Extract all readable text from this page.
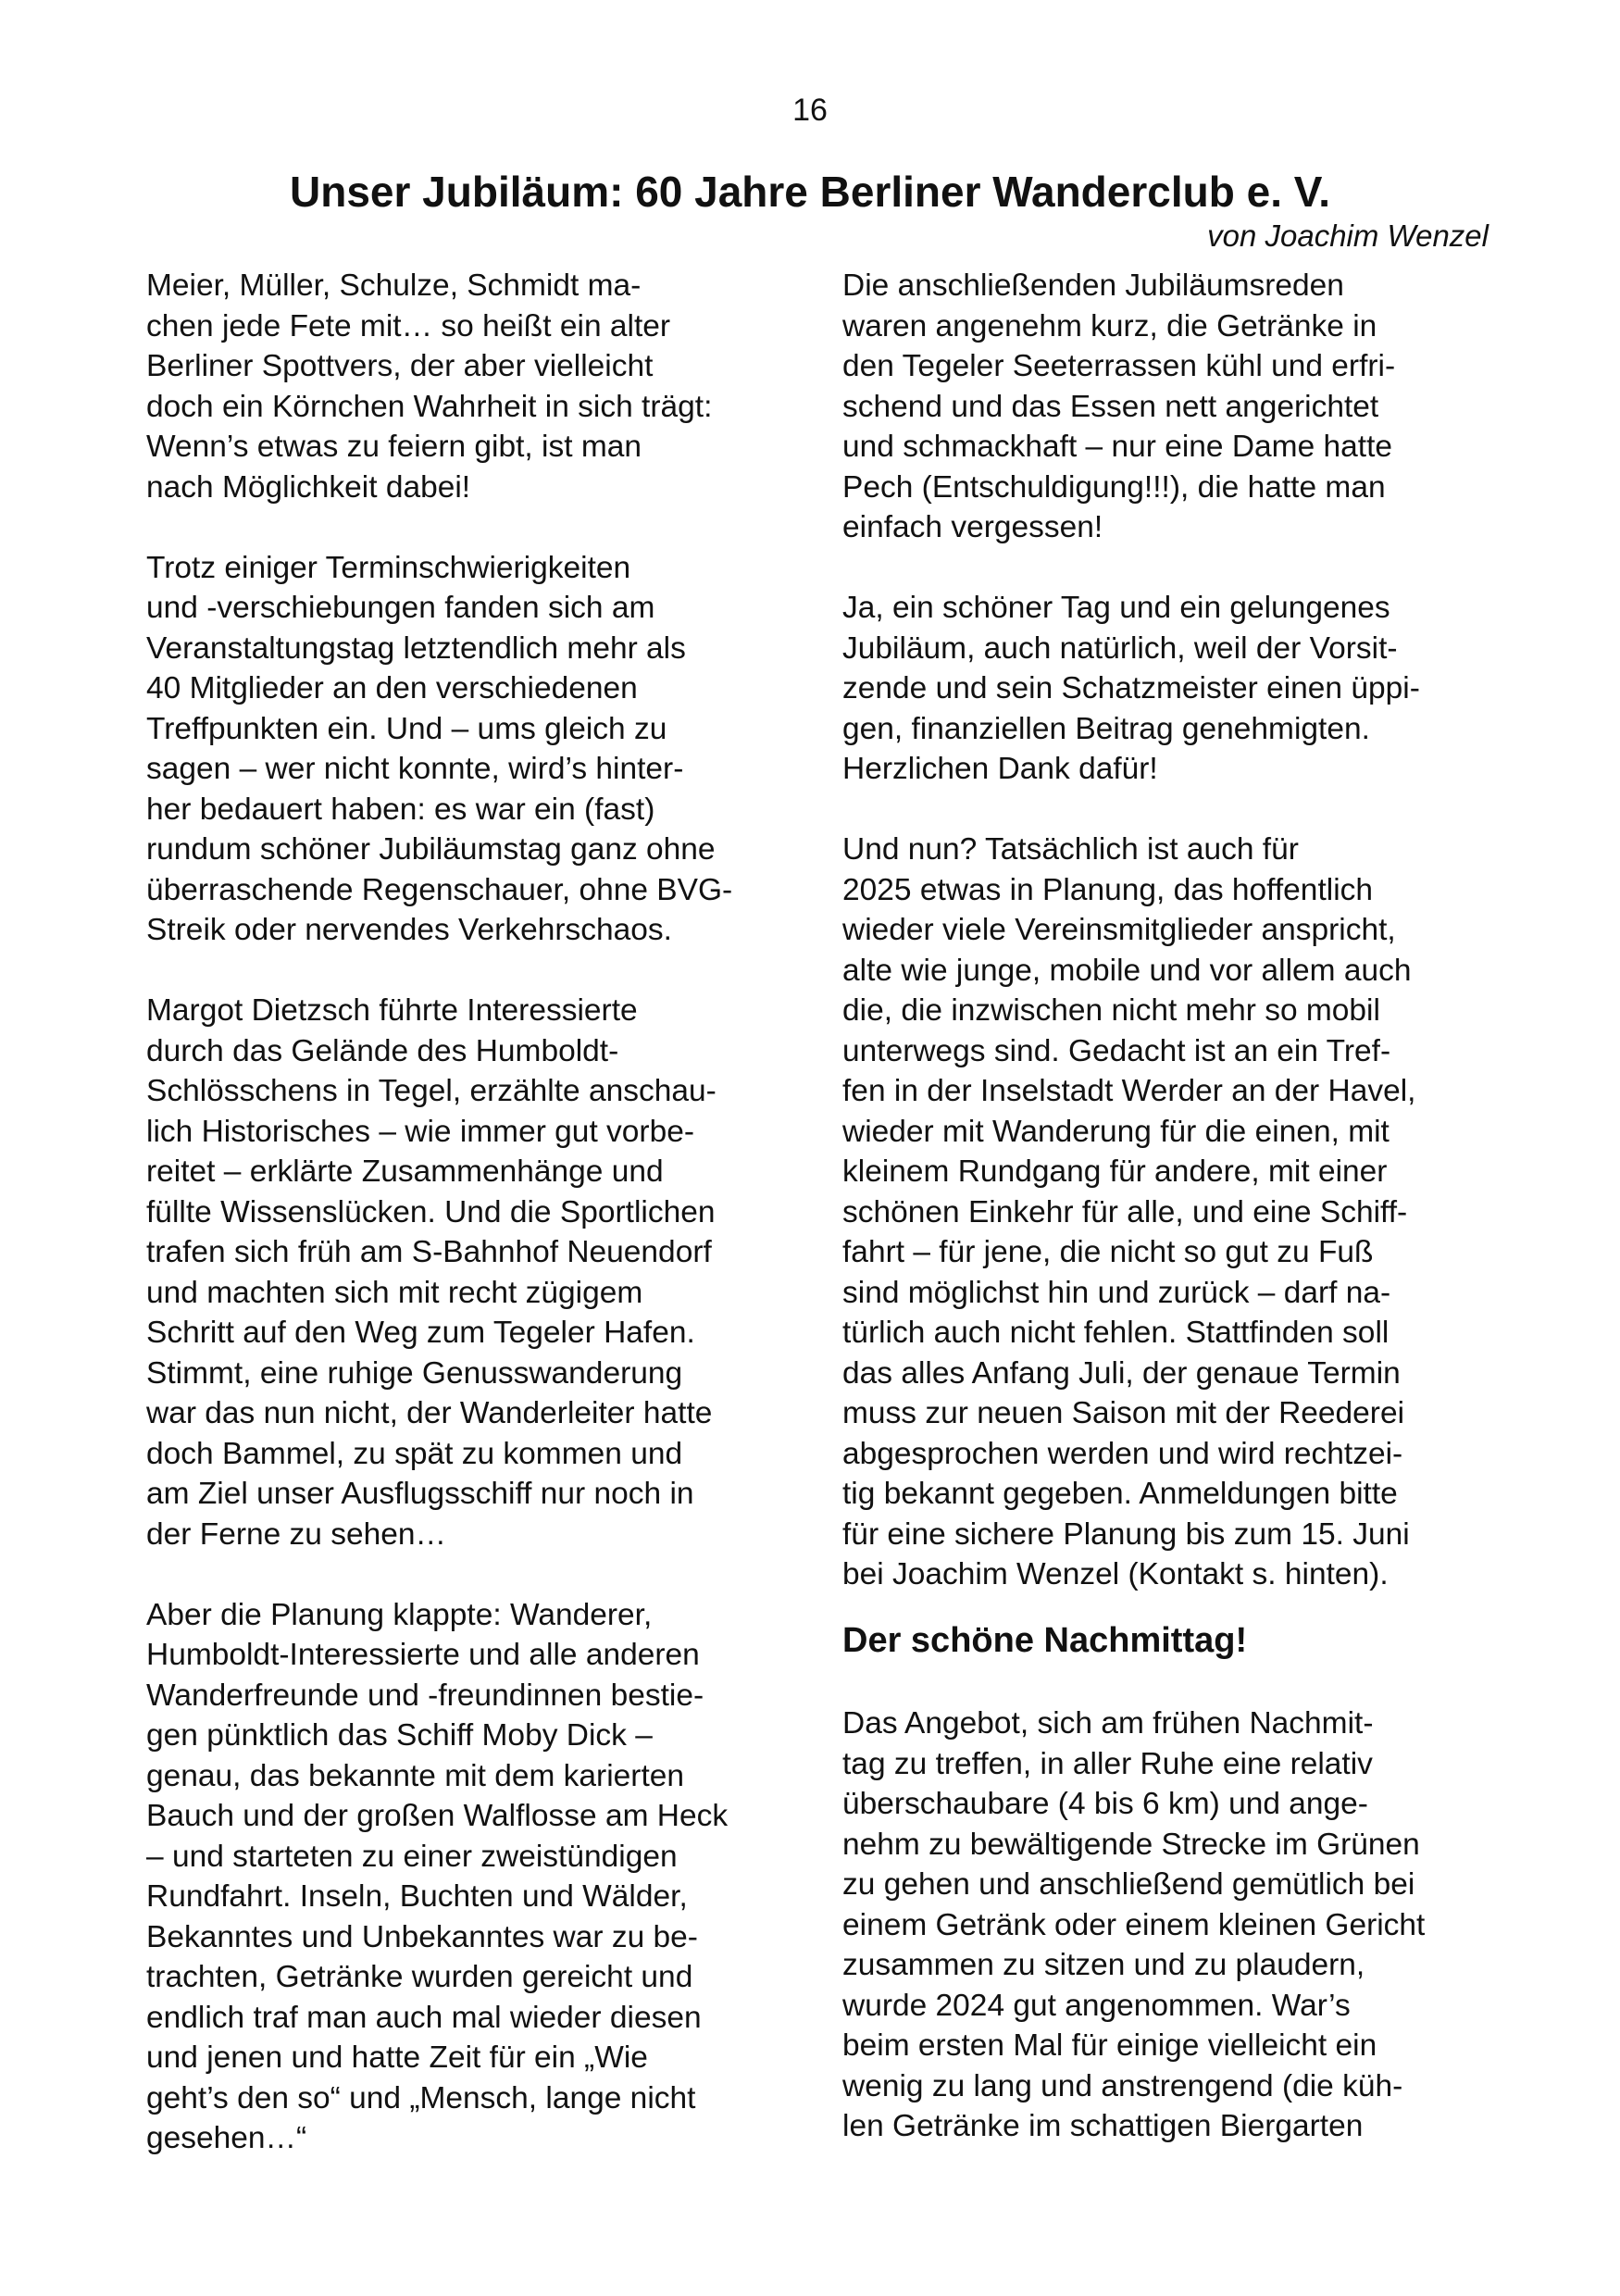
16
Unser Jubiläum: 60 Jahre Berliner Wanderclub e. V.
von Joachim Wenzel
Meier, Müller, Schulze, Schmidt ma-
chen jede Fete mit… so heißt ein alter
Berliner Spottvers, der aber vielleicht
doch ein Körnchen Wahrheit in sich trägt:
Wenn’s etwas zu feiern gibt, ist man
nach Möglichkeit dabei!
Trotz einiger Terminschwierigkeiten
und -verschiebungen fanden sich am
Veranstaltungstag letztendlich mehr als
40 Mitglieder an den verschiedenen
Treffpunkten ein. Und – ums gleich zu
sagen – wer nicht konnte, wird’s hinter-
her bedauert haben: es war ein (fast)
rundum schöner Jubiläumstag ganz ohne
überraschende Regenschauer, ohne BVG-
Streik oder nervendes Verkehrschaos.
Margot Dietzsch führte Interessierte
durch das Gelände des Humboldt-
Schlösschens in Tegel, erzählte anschau-
lich Historisches – wie immer gut vorbe-
reitet – erklärte Zusammenhänge und
füllte Wissenslücken. Und die Sportlichen
trafen sich früh am S-Bahnhof Neuendorf
und machten sich mit recht zügigem
Schritt auf den Weg zum Tegeler Hafen.
Stimmt, eine ruhige Genusswanderung
war das nun nicht, der Wanderleiter hatte
doch Bammel, zu spät zu kommen und
am Ziel unser Ausflugsschiff nur noch in
der Ferne zu sehen…
Aber die Planung klappte: Wanderer,
Humboldt-Interessierte und alle anderen
Wanderfreunde und -freundinnen bestie-
gen pünktlich das Schiff Moby Dick –
genau, das bekannte mit dem karierten
Bauch und der großen Walflosse am Heck
– und starteten zu einer zweistündigen
Rundfahrt. Inseln, Buchten und Wälder,
Bekanntes und Unbekanntes war zu be-
trachten, Getränke wurden gereicht und
endlich traf man auch mal wieder diesen
und jenen und hatte Zeit für ein „Wie
geht’s den so“ und „Mensch, lange nicht
gesehen…“
Die anschließenden Jubiläumsreden
waren angenehm kurz, die Getränke in
den Tegeler Seeterrassen kühl und erfri-
schend und das Essen nett angerichtet
und schmackhaft – nur eine Dame hatte
Pech (Entschuldigung!!!), die hatte man
einfach vergessen!
Ja, ein schöner Tag und ein gelungenes
Jubiläum, auch natürlich, weil der Vorsit-
zende und sein Schatzmeister einen üppi-
gen, finanziellen Beitrag genehmigten.
Herzlichen Dank dafür!
Und nun? Tatsächlich ist auch für
2025 etwas in Planung, das hoffentlich
wieder viele Vereinsmitglieder anspricht,
alte wie junge, mobile und vor allem auch
die, die inzwischen nicht mehr so mobil
unterwegs sind. Gedacht ist an ein Tref-
fen in der Inselstadt Werder an der Havel,
wieder mit Wanderung für die einen, mit
kleinem Rundgang für andere, mit einer
schönen Einkehr für alle, und eine Schiff-
fahrt – für jene, die nicht so gut zu Fuß
sind möglichst hin und zurück – darf na-
türlich auch nicht fehlen. Stattfinden soll
das alles Anfang Juli, der genaue Termin
muss zur neuen Saison mit der Reederei
abgesprochen werden und wird rechtzei-
tig bekannt gegeben. Anmeldungen bitte
für eine sichere Planung bis zum 15. Juni
bei Joachim Wenzel (Kontakt s. hinten).
Der schöne Nachmittag!
Das Angebot, sich am frühen Nachmit-
tag zu treffen, in aller Ruhe eine relativ
überschaubare (4 bis 6 km) und ange-
nehm zu bewältigende Strecke im Grünen
zu gehen und anschließend gemütlich bei
einem Getränk oder einem kleinen Gericht
zusammen zu sitzen und zu plaudern,
wurde 2024 gut angenommen. War’s
beim ersten Mal für einige vielleicht ein
wenig zu lang und anstrengend (die küh-
len Getränke im schattigen Biergarten
